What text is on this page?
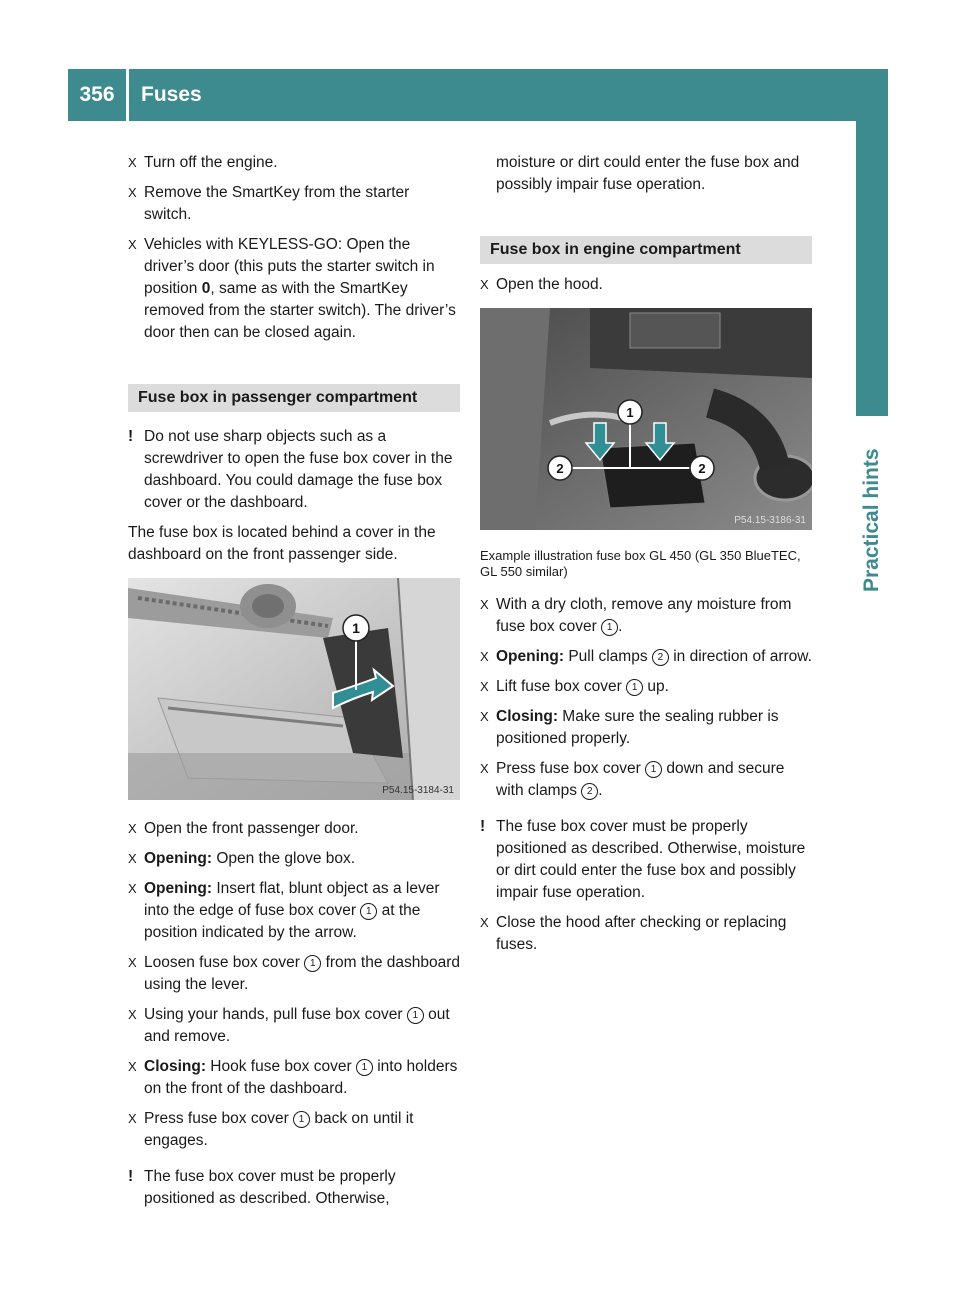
356	Fuses
Practical hints
X Turn off the engine.
X Remove the SmartKey from the starter switch.
X Vehicles with KEYLESS-GO: Open the driver’s door (this puts the starter switch in position 0, same as with the SmartKey removed from the starter switch). The driver’s door then can be closed again.
Fuse box in passenger compartment
! Do not use sharp objects such as a screwdriver to open the fuse box cover in the dashboard. You could damage the fuse box cover or the dashboard.

The fuse box is located behind a cover in the dashboard on the front passenger side.

1
P54.15-3184-31
X Open the front passenger door.
X Opening: Open the glove box.
X Opening: Insert flat, blunt object as a lever into the edge of fuse box cover 1 at the position indicated by the arrow.
X Loosen fuse box cover 1 from the dashboard using the lever.
X Using your hands, pull fuse box cover 1 out and remove.
X Closing: Hook fuse box cover 1 into holders on the front of the dashboard.
X Press fuse box cover 1 back on until it engages.
! The fuse box cover must be properly positioned as described. Otherwise,

moisture or dirt could enter the fuse box and possibly impair fuse operation.

Fuse box in engine compartment
X Open the hood.
1
2	2
P54.15-3186-31

Example illustration fuse box GL 450 (GL 350 BlueTEC, GL 550 similar)

X With a dry cloth, remove any moisture from fuse box cover 1 .
X Opening: Pull clamps 2 in direction of arrow.
X Lift fuse box cover 1 up.
X Closing: Make sure the sealing rubber is positioned properly.
X Press fuse box cover 1 down and secure with clamps 2 .
! The fuse box cover must be properly positioned as described. Otherwise, moisture or dirt could enter the fuse box and possibly impair fuse operation.
X Close the hood after checking or replacing fuses.
